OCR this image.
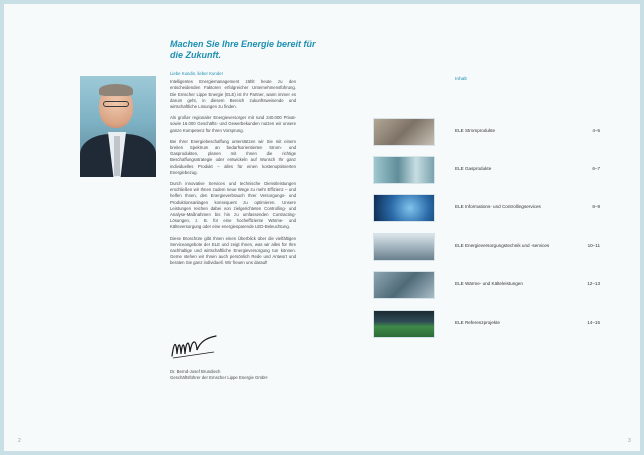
Machen Sie Ihre Energie bereit für die Zukunft.

Liebe Kundin, lieber Kunde!

Intelligentes Energiemanagement zählt heute zu den entscheidenden Faktoren erfolgreicher Unternehmensführung. Die Emscher Lippe Energie (ELE) ist Ihr Partner, wann immer es darum geht, in diesem Bereich zukunftsweisende und wirtschaftliche Lösungen zu finden.

Als großer regionaler Energieversorger mit rund 240.000 Privat- sowie 16.000 Geschäfts- und Gewerbekunden nutzen wir unsere ganze Kompetenz für Ihren Vorsprung.

Bei Ihrer Energiebeschaffung unterstützen wir Sie mit einem breiten Spektrum an bedarfsorientierten Strom- und Gasprodukten, planen mit Ihnen die richtige Beschaffungsstrategie oder entwickeln auf Wunsch Ihr ganz individuelles Produkt – alles für einen kostenoptimierten Energiebezug.

Durch innovative Services und technische Dienstleistungen erschließen wir Ihnen zudem neue Wege zu mehr Effizienz – und helfen Ihnen, den Energieverbrauch Ihrer Versorgungs- und Produktionsanlagen konsequent zu optimieren. Unsere Leistungen reichen dabei von zielgerichteten Controlling- und Analyse-Maßnahmen bis hin zu umfassenden Contracting-Lösungen, z. B. für eine hocheffiziente Wärme- und Kälteversorgung oder eine energiesparende LED-Beleuchtung.

Diese Broschüre gibt Ihnen einen Überblick über die vielfältigen Serviceangebote der ELE und zeigt Ihnen, was wir alles für Ihre nachhaltige und wirtschaftliche Energieversorgung tun können. Gerne stehen wir Ihnen auch persönlich Rede und Antwort und beraten Sie ganz individuell. Wir freuen uns darauf!

Dr. Bernd-Josef Brundiech
Geschäftsführer der Emscher Lippe Energie GmbH
Inhalt
ELE Stromprodukte	4–5
ELE Gasprodukte	6–7
ELE Informations- und Controllingservices	8–9
ELE Energieversorgungstechnik und -services	10–11
ELE Wärme- und Kälteleistungen	12–13
ELE Referenzprojekte	14–15
2	3
